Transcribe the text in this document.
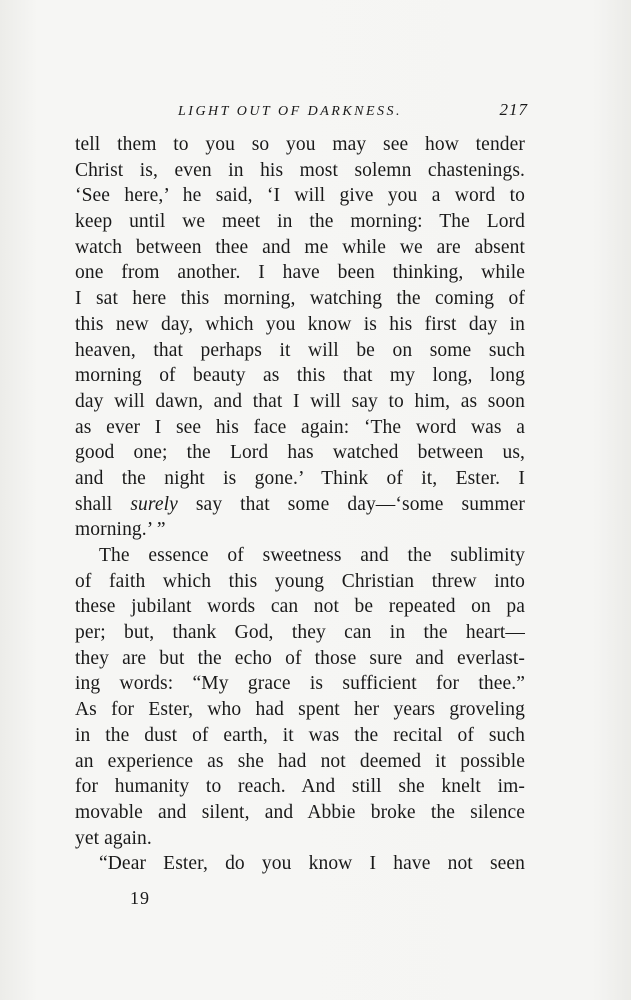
LIGHT OUT OF DARKNESS.	217
tell them to you so you may see how tender
Christ is, even in his most solemn chastenings.
‘See here,’ he said, ‘I will give you a word to
keep until we meet in the morning: The Lord
watch between thee and me while we are absent
one from another. I have been thinking, while
I sat here this morning, watching the coming of
this new day, which you know is his first day in
heaven, that perhaps it will be on some such
morning of beauty as this that my long, long
day will dawn, and that I will say to him, as soon
as ever I see his face again: ‘The word was a
good one; the Lord has watched between us,
and the night is gone.’ Think of it, Ester. I
shall surely say that some day—‘some summer
morning.’ ”
The essence of sweetness and the sublimity
of faith which this young Christian threw into
these jubilant words can not be repeated on pa
per; but, thank God, they can in the heart—
they are but the echo of those sure and everlast-
ing words: “My grace is sufficient for thee.”
As for Ester, who had spent her years groveling
in the dust of earth, it was the recital of such
an experience as she had not deemed it possible
for humanity to reach. And still she knelt im-
movable and silent, and Abbie broke the silence
yet again.
“Dear Ester, do you know I have not seen
19
